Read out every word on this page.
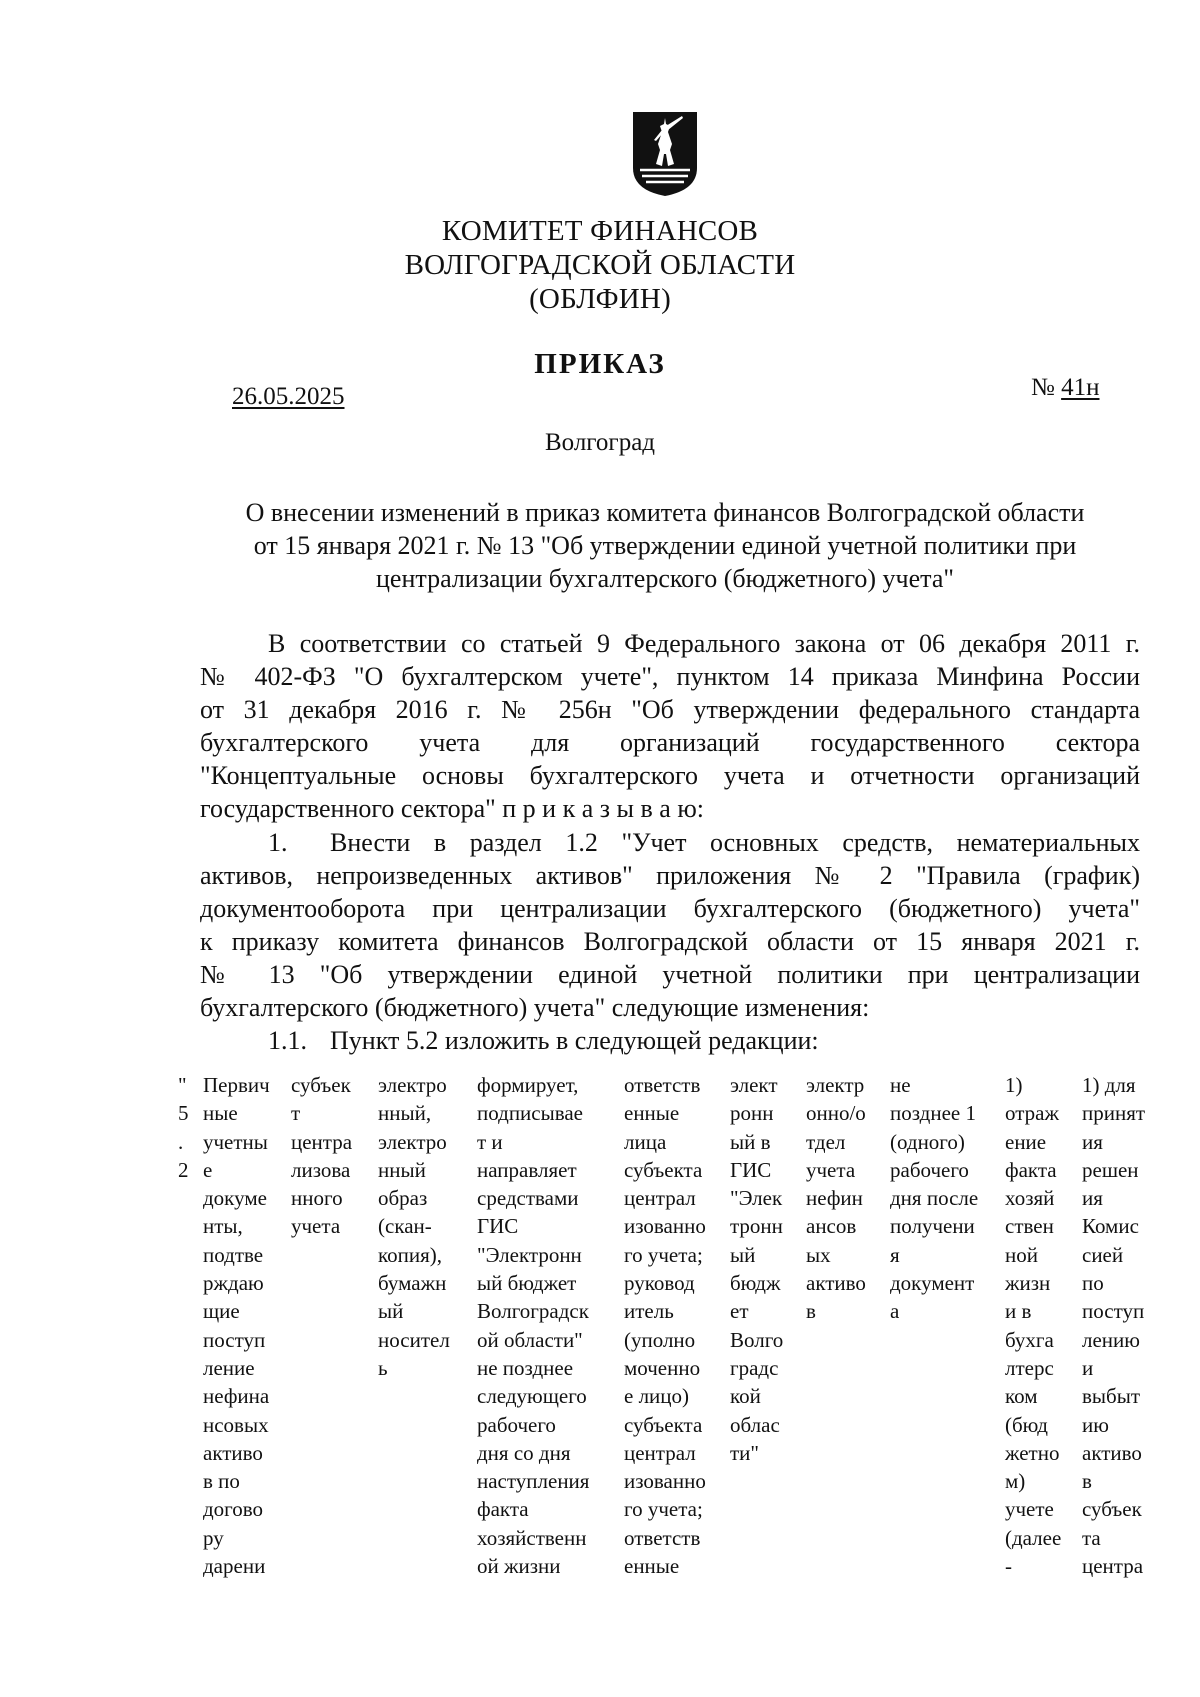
КОМИТЕТ ФИНАНСОВ
ВОЛГОГРАДСКОЙ ОБЛАСТИ
(ОБЛФИН)
ПРИКАЗ
26.05.2025	№ 41н
Волгоград
О внесении изменений в приказ комитета финансов Волгоградской области
от 15 января 2021 г. № 13 "Об утверждении единой учетной политики при
централизации бухгалтерского (бюджетного) учета"
В соответствии со статьей 9 Федерального закона от 06 декабря 2011 г.
№ 402-ФЗ "О бухгалтерском учете", пунктом 14 приказа Минфина России
от 31 декабря 2016 г. № 256н "Об утверждении федерального стандарта
бухгалтерского учета для организаций государственного сектора
"Концептуальные основы бухгалтерского учета и отчетности организаций
государственного сектора" п р и к а з ы в а ю:
1.	Внести в раздел 1.2 "Учет основных средств, нематериальных
активов, непроизведенных активов" приложения № 2 "Правила (график)
документооборота при централизации бухгалтерского (бюджетного) учета"
к приказу комитета финансов Волгоградской области от 15 января 2021 г.
№ 13 "Об утверждении единой учетной политики при централизации
бухгалтерского (бюджетного) учета" следующие изменения:
1.1. Пункт 5.2 изложить в следующей редакции:
"
5
.
2
Первич
ные
учетны
е
докуме
нты,
подтве
рждаю
щие
поступ
ление
нефина
нсовых
активо
в по
догово
ру
дарени
субъек
т
центра
лизова
нного
учета
электро
нный,
электро
нный
образ
(скан-
копия),
бумажн
ый
носител
ь
формирует,
подписывае
т и
направляет
средствами
ГИС
"Электронн
ый бюджет
Волгоградск
ой области"
не позднее
следующего
рабочего
дня со дня
наступления
факта
хозяйственн
ой жизни
ответств
енные
лица
субъекта
централ
изованно
го учета;
руковод
итель
(уполно
моченно
е лицо)
субъекта
централ
изованно
го учета;
ответств
енные
элект
ронн
ый в
ГИС
"Элек
тронн
ый
бюдж
ет
Волго
градс
кой
облас
ти"
электр
онно/о
тдел
учета
нефин
ансов
ых
активо
в
не
позднее 1
(одного)
рабочего
дня после
получени
я
документ
а
1)
отраж
ение
факта
хозяй
ствен
ной
жизн
и в
бухга
лтерс
ком
(бюд
жетно
м)
учете
(далее
-
1) для
принят
ия
решен
ия
Комис
сией
по
поступ
лению
и
выбыт
ию
активо
в
субъек
та
центра
